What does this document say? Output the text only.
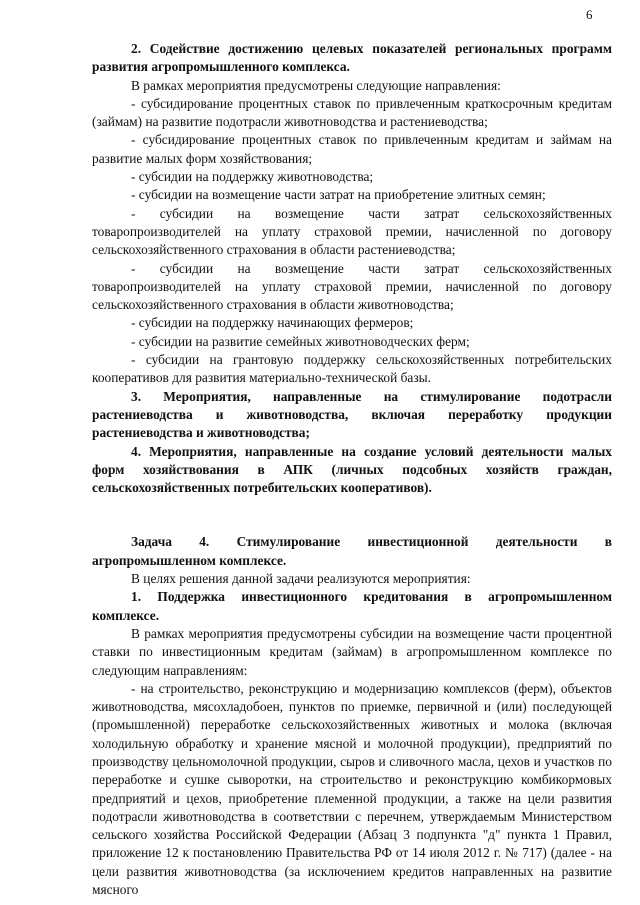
6

2. Содействие достижению целевых показателей региональных программ развития агропромышленного комплекса.

В рамках мероприятия предусмотрены следующие направления:

- субсидирование процентных ставок по привлеченным краткосрочным кредитам (займам) на развитие подотрасли животноводства и растениеводства;

- субсидирование процентных ставок по привлеченным кредитам и займам на развитие малых форм хозяйствования;

- субсидии на поддержку животноводства;

- субсидии на возмещение части затрат на приобретение элитных семян;

- субсидии на возмещение части затрат сельскохозяйственных товаропроизводителей на уплату страховой премии, начисленной по договору сельскохозяйственного страхования в области растениеводства;

- субсидии на возмещение части затрат сельскохозяйственных товаропроизводителей на уплату страховой премии, начисленной по договору сельскохозяйственного страхования в области животноводства;

- субсидии на поддержку начинающих фермеров;

- субсидии на развитие семейных животноводческих ферм;

- субсидии на грантовую поддержку сельскохозяйственных потребительских кооперативов для развития материально-технической базы.

3. Мероприятия, направленные на стимулирование подотрасли растениеводства и животноводства, включая переработку продукции растениеводства и животноводства;

4. Мероприятия, направленные на создание условий деятельности малых форм хозяйствования в АПК (личных подсобных хозяйств граждан, сельскохозяйственных потребительских кооперативов).

Задача 4. Стимулирование инвестиционной деятельности в агропромышленном комплексе.

В целях решения данной задачи реализуются мероприятия:

1. Поддержка инвестиционного кредитования в агропромышленном комплексе.

В рамках мероприятия предусмотрены субсидии на возмещение части процентной ставки по инвестиционным кредитам (займам) в агропромышленном комплексе по следующим направлениям:

- на строительство, реконструкцию и модернизацию комплексов (ферм), объектов животноводства, мясохладобоен, пунктов по приемке, первичной и (или) последующей (промышленной) переработке сельскохозяйственных животных и молока (включая холодильную обработку и хранение мясной и молочной продукции), предприятий по производству цельномолочной продукции, сыров и сливочного масла, цехов и участков по переработке и сушке сыворотки, на строительство и реконструкцию комбикормовых предприятий и цехов, приобретение племенной продукции, а также на цели развития подотрасли животноводства в соответствии с перечнем, утверждаемым Министерством сельского хозяйства Российской Федерации (Абзац 3 подпункта "д" пункта 1 Правил, приложение 12 к постановлению Правительства РФ от 14 июля 2012 г. № 717) (далее - на цели развития животноводства (за исключением кредитов направленных на развитие мясного
